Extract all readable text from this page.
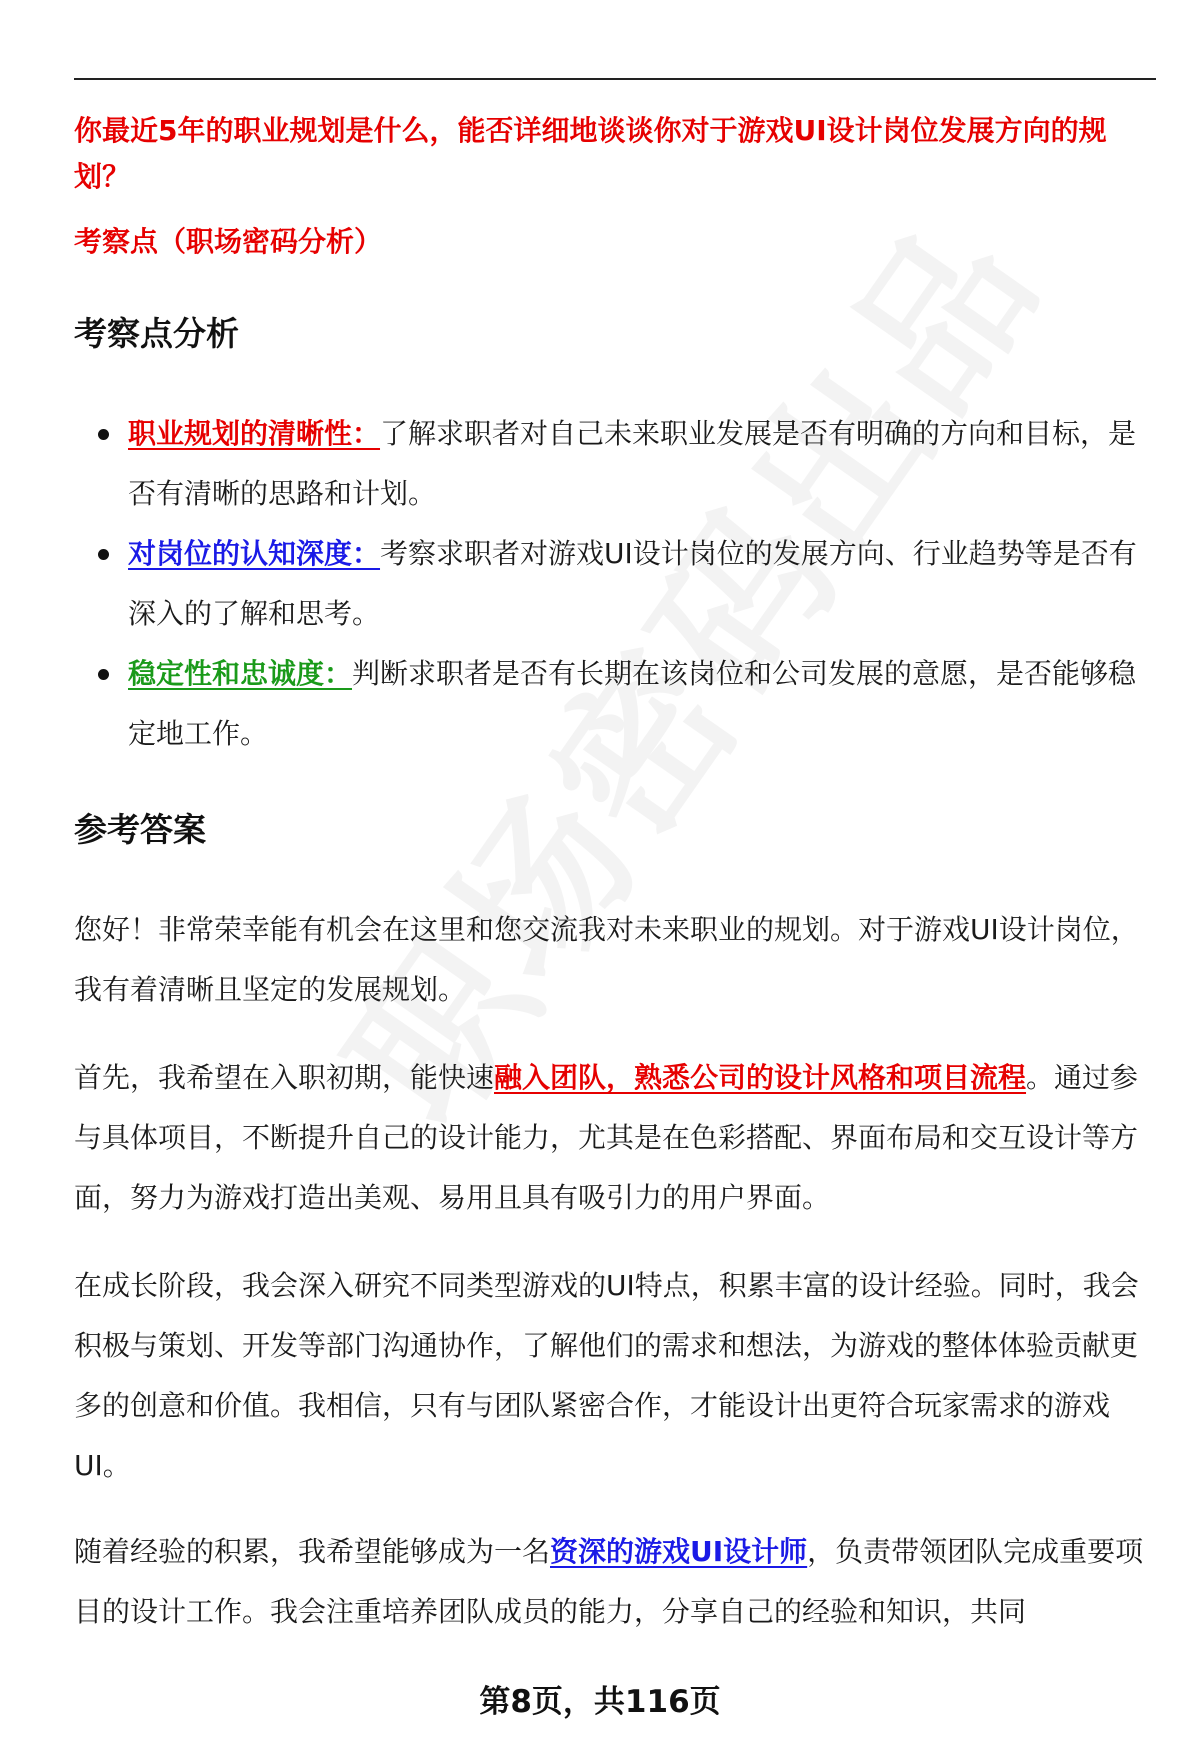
你最近5年的职业规划是什么，能否详细地谈谈你对于游戏UI设计岗位发展方向的规划？
考察点（职场密码分析）
考察点分析
职业规划的清晰性：了解求职者对自己未来职业发展是否有明确的方向和目标，是否有清晰的思路和计划。
对岗位的认知深度：考察求职者对游戏UI设计岗位的发展方向、行业趋势等是否有深入的了解和思考。
稳定性和忠诚度：判断求职者是否有长期在该岗位和公司发展的意愿，是否能够稳定地工作。
参考答案

您好！非常荣幸能有机会在这里和您交流我对未来职业的规划。对于游戏UI设计岗位，我有着清晰且坚定的发展规划。

首先，我希望在入职初期，能快速融入团队，熟悉公司的设计风格和项目流程。通过参与具体项目，不断提升自己的设计能力，尤其是在色彩搭配、界面布局和交互设计等方面，努力为游戏打造出美观、易用且具有吸引力的用户界面。

在成长阶段，我会深入研究不同类型游戏的UI特点，积累丰富的设计经验。同时，我会积极与策划、开发等部门沟通协作，了解他们的需求和想法，为游戏的整体体验贡献更多的创意和价值。我相信，只有与团队紧密合作，才能设计出更符合玩家需求的游戏UI。

随着经验的积累，我希望能够成为一名资深的游戏UI设计师，负责带领团队完成重要项目的设计工作。我会注重培养团队成员的能力，分享自己的经验和知识，共同

第8页，共116页
